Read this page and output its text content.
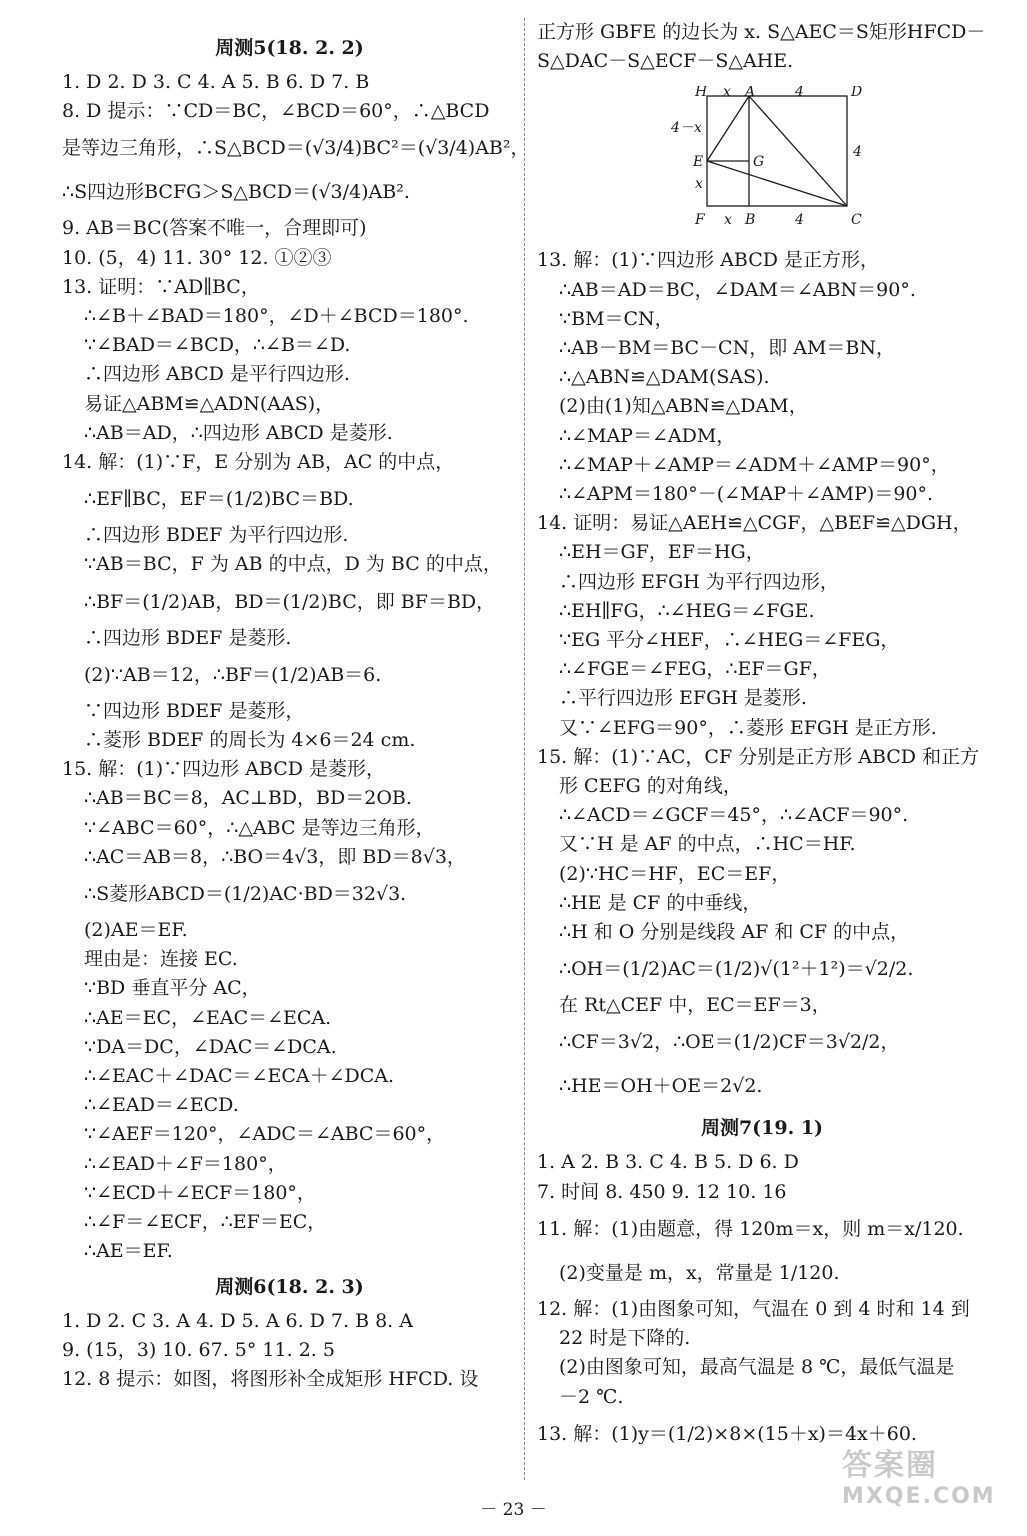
周测5(18. 2. 2)
1. D 2. D 3. C 4. A 5. B 6. D 7. B
8. D 提示：∵CD＝BC，∠BCD＝60°，∴△BCD
是等边三角形，∴S△BCD＝(√3/4)BC²＝(√3/4)AB²，
∴S四边形BCFG＞S△BCD＝(√3/4)AB².
9. AB＝BC(答案不唯一，合理即可)
10. (5，4) 11. 30° 12. ①②③
13. 证明：∵AD∥BC，
∴∠B＋∠BAD＝180°，∠D＋∠BCD＝180°.
∵∠BAD＝∠BCD，∴∠B＝∠D.
∴四边形 ABCD 是平行四边形.
易证△ABM≌△ADN(AAS)，
∴AB＝AD，∴四边形 ABCD 是菱形.
14. 解：(1)∵F，E 分别为 AB，AC 的中点，
∴EF∥BC，EF＝(1/2)BC＝BD.
∴四边形 BDEF 为平行四边形.
∵AB＝BC，F 为 AB 的中点，D 为 BC 的中点，
∴BF＝(1/2)AB，BD＝(1/2)BC，即 BF＝BD，
∴四边形 BDEF 是菱形.
(2)∵AB＝12，∴BF＝(1/2)AB＝6.
∵四边形 BDEF 是菱形，
∴菱形 BDEF 的周长为 4×6＝24 cm.
15. 解：(1)∵四边形 ABCD 是菱形，
∴AB＝BC＝8，AC⊥BD，BD＝2OB.
∵∠ABC＝60°，∴△ABC 是等边三角形，
∴AC＝AB＝8，∴BO＝4√3，即 BD＝8√3，
∴S菱形ABCD＝(1/2)AC·BD＝32√3.
(2)AE＝EF.
理由是：连接 EC.
∵BD 垂直平分 AC，
∴AE＝EC，∠EAC＝∠ECA.
∵DA＝DC，∠DAC＝∠DCA.
∴∠EAC＋∠DAC＝∠ECA＋∠DCA.
∴∠EAD＝∠ECD.
∵∠AEF＝120°，∠ADC＝∠ABC＝60°，
∴∠EAD＋∠F＝180°，
∵∠ECD＋∠ECF＝180°，
∴∠F＝∠ECF，∴EF＝EC，
∴AE＝EF.
周测6(18. 2. 3)
1. D 2. C 3. A 4. D 5. A 6. D 7. B 8. A
9. (15，3) 10. 67. 5° 11. 2. 5
12. 8 提示：如图，将图形补全成矩形 HFCD. 设
正方形 GBFE 的边长为 x. S△AEC＝S矩形HFCD－
S△DAC－S△ECF－S△AHE.
H x A	4	D
4－x
E	G
4
x
F x B	4	C
13. 解：(1)∵四边形 ABCD 是正方形，
∴AB＝AD＝BC，∠DAM＝∠ABN＝90°.
∵BM＝CN，
∴AB－BM＝BC－CN，即 AM＝BN，
∴△ABN≌△DAM(SAS).
(2)由(1)知△ABN≌△DAM，
∴∠MAP＝∠ADM，
∴∠MAP＋∠AMP＝∠ADM＋∠AMP＝90°，
∴∠APM＝180°－(∠MAP＋∠AMP)＝90°.
14. 证明：易证△AEH≌△CGF，△BEF≌△DGH，
∴EH＝GF，EF＝HG，
∴四边形 EFGH 为平行四边形，
∴EH∥FG，∴∠HEG＝∠FGE.
∵EG 平分∠HEF，∴∠HEG＝∠FEG，
∴∠FGE＝∠FEG，∴EF＝GF，
∴平行四边形 EFGH 是菱形.
又∵∠EFG＝90°，∴菱形 EFGH 是正方形.
15. 解：(1)∵AC，CF 分别是正方形 ABCD 和正方
形 CEFG 的对角线，
∴∠ACD＝∠GCF＝45°，∴∠ACF＝90°.
又∵H 是 AF 的中点，∴HC＝HF.
(2)∵HC＝HF，EC＝EF，
∴HE 是 CF 的中垂线，
∴H 和 O 分别是线段 AF 和 CF 的中点，
∴OH＝(1/2)AC＝(1/2)√(1²＋1²)＝√2/2.
在 Rt△CEF 中，EC＝EF＝3，
∴CF＝3√2，∴OE＝(1/2)CF＝3√2/2，
∴HE＝OH＋OE＝2√2.
周测7(19. 1)
1. A 2. B 3. C 4. B 5. D 6. D
7. 时间 8. 450 9. 12 10. 16
11. 解：(1)由题意，得 120m＝x，则 m＝x/120.
(2)变量是 m，x，常量是 1/120.
12. 解：(1)由图象可知，气温在 0 到 4 时和 14 到
22 时是下降的.
(2)由图象可知，最高气温是 8 ℃，最低气温是
－2 ℃.
13. 解：(1)y＝(1/2)×8×(15＋x)＝4x＋60.
－ 23 －
答案圈
MXQE.COM
